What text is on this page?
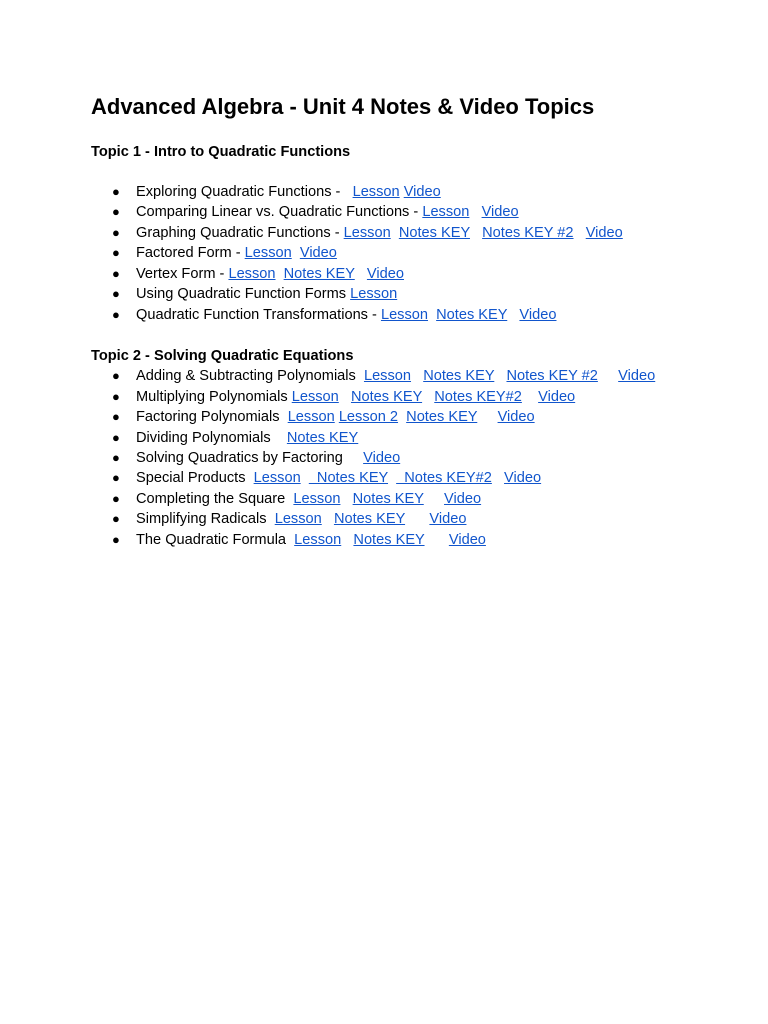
Advanced Algebra - Unit 4 Notes & Video Topics
Topic 1 - Intro to Quadratic Functions
● Exploring Quadratic Functions -   Lesson Video
● Comparing Linear vs. Quadratic Functions - Lesson Video
● Graphing Quadratic Functions - Lesson Notes KEY Notes KEY #2 Video
● Factored Form - Lesson Video
● Vertex Form - Lesson Notes KEY Video
● Using Quadratic Function Forms Lesson
● Quadratic Function Transformations - Lesson Notes KEY Video
Topic 2 - Solving Quadratic Equations
● Adding & Subtracting Polynomials  Lesson Notes KEY Notes KEY #2 Video
● Multiplying Polynomials Lesson Notes KEY Notes KEY#2 Video
● Factoring Polynomials  Lesson Lesson 2 Notes KEY Video
● Dividing Polynomials    Notes KEY
● Solving Quadratics by Factoring     Video
● Special Products  Lesson    Notes KEY    Notes KEY#2 Video
● Completing the Square  Lesson Notes KEY Video
● Simplifying Radicals  Lesson Notes KEY Video
● The Quadratic Formula  Lesson Notes KEY Video
